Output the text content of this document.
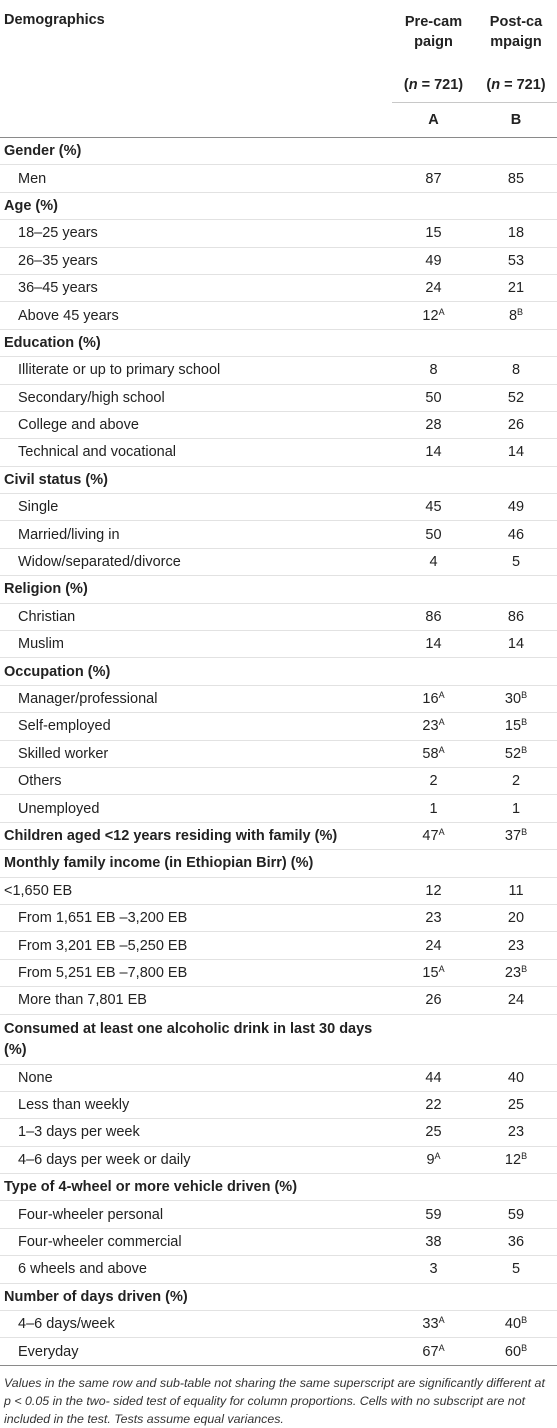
Demographics	Pre-campaign	Post-campaign
	(n = 721)	(n = 721)
	A	B
Gender (%)		
Men	87	85
Age (%)		
18–25 years	15	18
26–35 years	49	53
36–45 years	24	21
Above 45 years	$12^A$	$8^B$
Education (%)		
Illiterate or up to primary school	8	8
Secondary/high school	50	52
College and above	28	26
Technical and vocational	14	14
Civil status (%)		
Single	45	49
Married/living in	50	46
Widow/separated/divorce	4	5
Religion (%)		
Christian	86	86
Muslim	14	14
Occupation (%)		
Manager/professional	$16^A$	$30^B$
Self-employed	$23^A$	$15^B$
Skilled worker	$58^A$	$52^B$
Others	2	2
Unemployed	1	1
Children aged <12 years residing with family (%)	$47^A$	$37^B$
Monthly family income (in Ethiopian Birr) (%)		
<1,650 EB	12	11
From 1,651 EB –3,200 EB	23	20
From 3,201 EB –5,250 EB	24	23
From 5,251 EB –7,800 EB	$15^A$	$23^B$
More than 7,801 EB	26	24
Consumed at least one alcoholic drink in last 30 days (%)		
None	44	40
Less than weekly	22	25
1–3 days per week	25	23
4–6 days per week or daily	$9^A$	$12^B$
Type of 4-wheel or more vehicle driven (%)		
Four-wheeler personal	59	59
Four-wheeler commercial	38	36
6 wheels and above	3	5
Number of days driven (%)		
4–6 days/week	$33^A$	$40^B$
Everyday	$67^A$	$60^B$
Values in the same row and sub-table not sharing the same superscript are significantly different at p < 0.05 in the two- sided test of equality for column proportions. Cells with no subscript are not included in the test. Tests assume equal variances.
